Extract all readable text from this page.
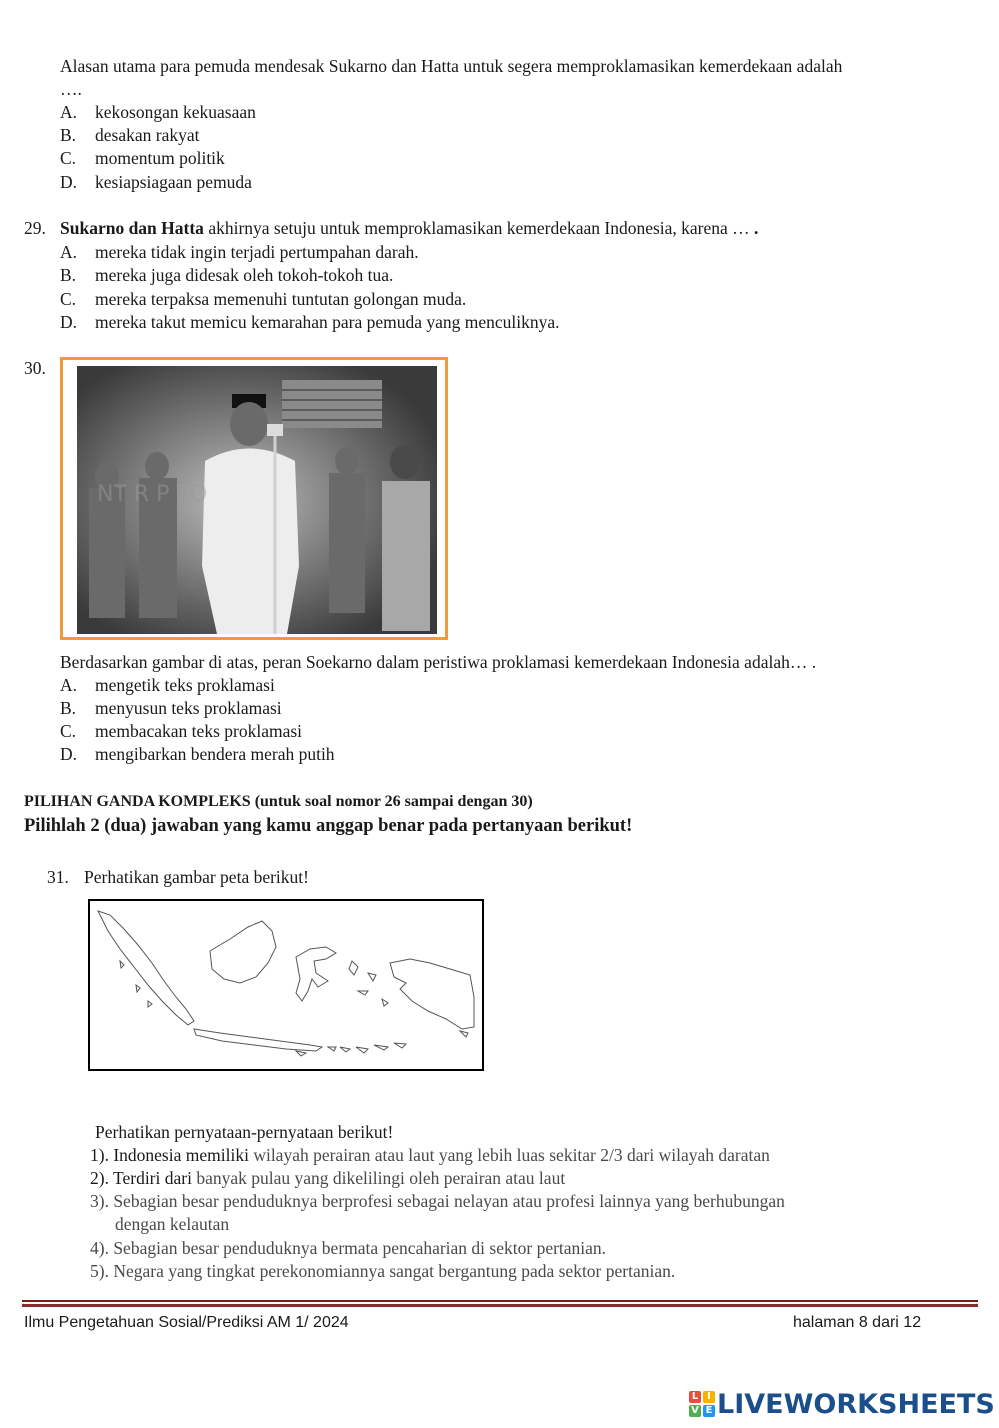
Alasan utama para pemuda mendesak Sukarno dan Hatta untuk segera memproklamasikan kemerdekaan adalah
….
A. kekosongan kekuasaan
B. desakan rakyat
C. momentum politik
D. kesiapsiagaan pemuda
29. Sukarno dan Hatta akhirnya setuju untuk memproklamasikan kemerdekaan Indonesia, karena … .
A. mereka tidak ingin terjadi pertumpahan darah.
B. mereka juga didesak oleh tokoh-tokoh tua.
C. mereka terpaksa memenuhi tuntutan golongan muda.
D. mereka takut memicu kemarahan para pemuda yang menculiknya.
30.
NT R P TO
Berdasarkan gambar di atas, peran Soekarno dalam peristiwa proklamasi kemerdekaan Indonesia adalah… .
A. mengetik teks proklamasi
B. menyusun teks proklamasi
C. membacakan teks proklamasi
D. mengibarkan bendera merah putih
PILIHAN GANDA KOMPLEKS (untuk soal nomor 26 sampai dengan 30)
Pilihlah 2 (dua) jawaban yang kamu anggap benar pada pertanyaan berikut!
31. Perhatikan gambar peta berikut!
Perhatikan pernyataan-pernyataan berikut!
1). Indonesia memiliki wilayah perairan atau laut yang lebih luas sekitar 2/3 dari wilayah daratan
2). Terdiri dari banyak pulau yang dikelilingi oleh perairan atau laut
3). Sebagian besar penduduknya berprofesi sebagai nelayan atau profesi lainnya yang berhubungan
dengan kelautan
4). Sebagian besar penduduknya bermata pencaharian di sektor pertanian.
5). Negara yang tingkat perekonomiannya sangat bergantung pada sektor pertanian.
Ilmu Pengetahuan Sosial/Prediksi AM 1/ 2024	halaman 8 dari 12
L I
V E LIVEWORKSHEETS
